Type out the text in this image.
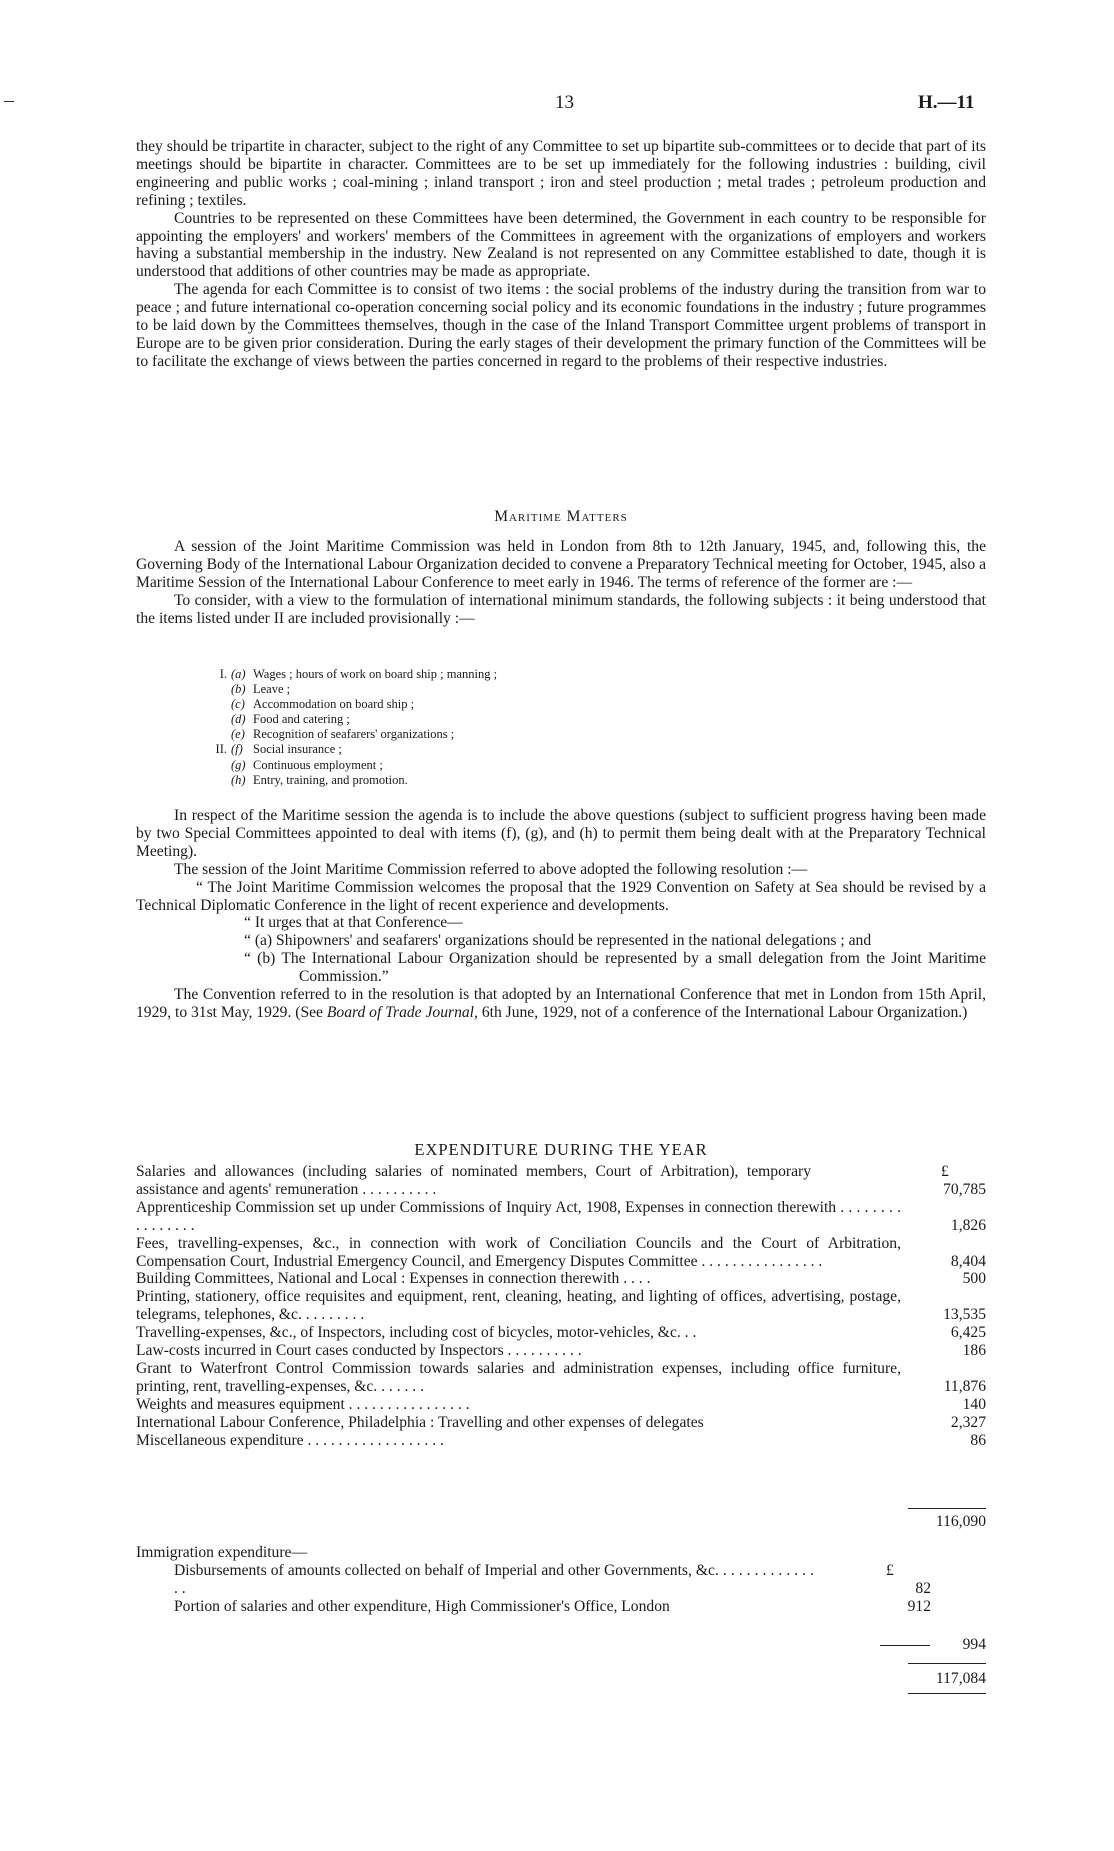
13	H.—11

they should be tripartite in character, subject to the right of any Committee to set up bipartite sub-committees or to decide that part of its meetings should be bipartite in character. Committees are to be set up immediately for the following industries : building, civil engineering and public works ; coal-mining ; inland transport ; iron and steel production ; metal trades ; petroleum production and refining ; textiles.

Countries to be represented on these Committees have been determined, the Government in each country to be responsible for appointing the employers' and workers' members of the Committees in agreement with the organizations of employers and workers having a substantial membership in the industry. New Zealand is not represented on any Committee established to date, though it is understood that additions of other countries may be made as appropriate.

The agenda for each Committee is to consist of two items : the social problems of the industry during the transition from war to peace ; and future international co-operation concerning social policy and its economic foundations in the industry ; future programmes to be laid down by the Committees themselves, though in the case of the Inland Transport Committee urgent problems of transport in Europe are to be given prior consideration. During the early stages of their development the primary function of the Committees will be to facilitate the exchange of views between the parties concerned in regard to the problems of their respective industries.

Maritime Matters

A session of the Joint Maritime Commission was held in London from 8th to 12th January, 1945, and, following this, the Governing Body of the International Labour Organization decided to convene a Preparatory Technical meeting for October, 1945, also a Maritime Session of the International Labour Conference to meet early in 1946. The terms of reference of the former are :—

To consider, with a view to the formulation of international minimum standards, the following subjects : it being understood that the items listed under II are included provisionally :—

I. (a) Wages ; hours of work on board ship ; manning ;
(b) Leave ;
(c) Accommodation on board ship ;
(d) Food and catering ;
(e) Recognition of seafarers' organizations ;
II. (f) Social insurance ;
(g) Continuous employment ;
(h) Entry, training, and promotion.

In respect of the Maritime session the agenda is to include the above questions (subject to sufficient progress having been made by two Special Committees appointed to deal with items (f), (g), and (h) to permit them being dealt with at the Preparatory Technical Meeting).

The session of the Joint Maritime Commission referred to above adopted the following resolution :—

“ The Joint Maritime Commission welcomes the proposal that the 1929 Convention on Safety at Sea should be revised by a Technical Diplomatic Conference in the light of recent experience and developments.

“ It urges that at that Conference—

“ (a) Shipowners' and seafarers' organizations should be represented in the national delegations ; and

“ (b) The International Labour Organization should be represented by a small delegation from the Joint Maritime Commission.”

The Convention referred to in the resolution is that adopted by an International Conference that met in London from 15th April, 1929, to 31st May, 1929. (See Board of Trade Journal, 6th June, 1929, not of a conference of the International Labour Organization.)

EXPENDITURE DURING THE YEAR
£
Salaries and allowances (including salaries of nominated members, Court of Arbitration), temporary assistance and agents' remuneration . . . . . . . . . .	70,785
Apprenticeship Commission set up under Commissions of Inquiry Act, 1908, Expenses in connection therewith . . . . . . . . . . . . . . . .	1,826
Fees, travelling-expenses, &c., in connection with work of Conciliation Councils and the Court of Arbitration, Compensation Court, Industrial Emergency Council, and Emergency Disputes Committee . . . . . . . . . . . . . . . .	8,404
Building Committees, National and Local : Expenses in connection therewith . . . .	500
Printing, stationery, office requisites and equipment, rent, cleaning, heating, and lighting of offices, advertising, postage, telegrams, telephones, &c. . . . . . . . .	13,535
Travelling-expenses, &c., of Inspectors, including cost of bicycles, motor-vehicles, &c. . .	6,425
Law-costs incurred in Court cases conducted by Inspectors . . . . . . . . . .	186
Grant to Waterfront Control Commission towards salaries and administration expenses, including office furniture, printing, rent, travelling-expenses, &c. . . . . . .	11,876
Weights and measures equipment . . . . . . . . . . . . . . . .	140
International Labour Conference, Philadelphia : Travelling and other expenses of delegates	2,327
Miscellaneous expenditure . . . . . . . . . . . . . . . . . .	86
116,090
Immigration expenditure—
Disbursements of amounts collected on behalf of Imperial and other Governments, &c. . . . . . . . . . . . . . .	82
Portion of salaries and other expenditure, High Commissioner's Office, London	912
£
994
117,084
